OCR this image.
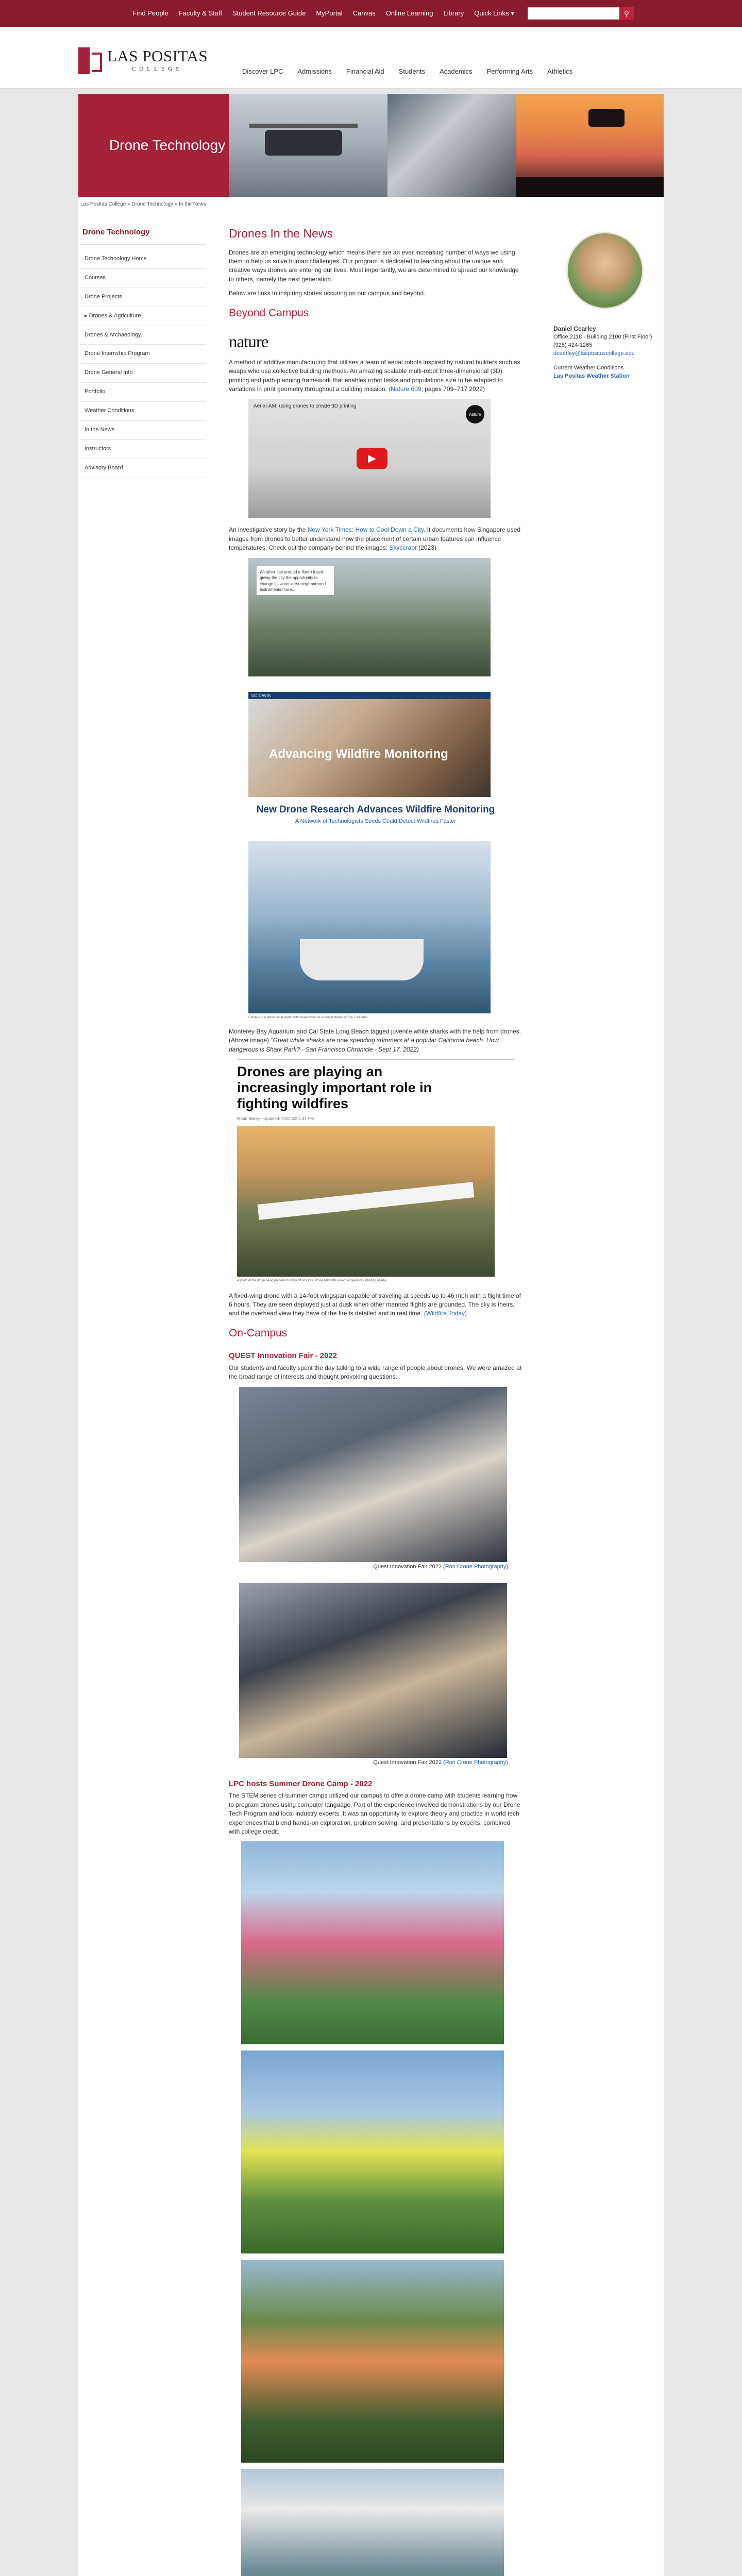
Find People Faculty & Staff Student Resource Guide MyPortal Canvas Online Learning Library Quick Links ▾	⚲
LAS POSITAS
COLLEGE	Discover LPC Admissions Financial Aid Students Academics Performing Arts Athletics
Drone Technology
Las Positas College » Drone Technology » In the News
Drone Technology
Drone Technology Home
Courses
Drone Projects
▸ Drones & Agriculture
Drones & Archaeology
Drone Internship Program
Drone General Info
Portfolio
Weather Conditions
In the News
Instructors
Advisory Board
Drones In the News

Drones are an emerging technology which means there are an ever increasing number of ways we using them to help us solve human challenges. Our program is dedicated to learning about the unique and creative ways drones are entering our lives. Most importantly, we are determined to spread our knowledge to others, namely the next generation.

Below are links to inspiring stories occuring on our campus and beyond.

Beyond Campus
nature

A method of additive manufacturing that utilises a team of aerial robots inspired by natural builders such as wasps who use collective building methods. An amazing scalable multi-robot three-dimensional (3D) printing and path-planning framework that enables robot tasks and populations size to be adapted to variations in print geometry throughout a building mission. (Nature 609, pages 709–717 2022)

Aerial-AM: using drones to create 3D printing
nature
▶

An investigative story by the New York Times: How to Cool Down a City. It documents how Singapore used images from drones to better understand how the placement of certain urban features can influence temperatures. Check out the company behind the images: Skyscrapr (2023)

Weather fast around a fluoro fused... giving the city the opportunity to change its water-area neighborhood. Instruments more...
UC DAVIS
Advancing Wildfire Monitoring
New Drone Research Advances Wildfire Monitoring
A Network of Technologists Seeds Could Detect Wildfires Faster
Campus of a drone being tested with researchers on a boat in Monterey Bay, California

Monterey Bay Aquarium and Cal State Long Beach tagged juvenile white sharks with the help from drones. (Above image) "Great white sharks are now spending summers at a popular California beach. How dangerous is Shark Park? - San Francisco Chronicle - Sept 17, 2022)

Drones are playing an increasingly important role in fighting wildfires
Marin Bailey · Updated: 7/3/2022 4:41 PM
A photo of the drone being prepared for takeoff at a local drone field with a team of operators standing nearby.

A fixed-wing drone with a 14-foot wingspan capable of traveling at speeds up to 46 mph with a flight time of 6 hours. They are seen deployed just at dusk when other manned flights are grounded. The sky is theirs, and the overhead view they have of the fire is detailed and in real time. (Wildfire Today)

On-Campus
QUEST Innovation Fair - 2022

Our students and faculty spent the day talking to a wide range of people about drones. We were amazed at the broad range of interests and thought provoking questions.

Quest Innovation Fair 2022 (Ron Crone Photography)
Quest Innovation Fair 2022 (Ron Crone Photography)
LPC hosts Summer Drone Camp - 2022

The STEM series of summer camps utilized our campus to offer a drone camp with students learning how to program drones using computer language. Part of the experience involved demonstrations by our Drone Tech Program and local industry experts. It was an opportunity to explore theory and practice in world tech experiences that blend hands-on exploration, problem solving, and presentations by experts, combined with college credit.

Daniel Cearley
Office 2118 - Building 2100 (First Floor)
(925) 424-1265
dcearley@laspositascollege.edu
Current Weather Conditions
Las Positas Weather Station
